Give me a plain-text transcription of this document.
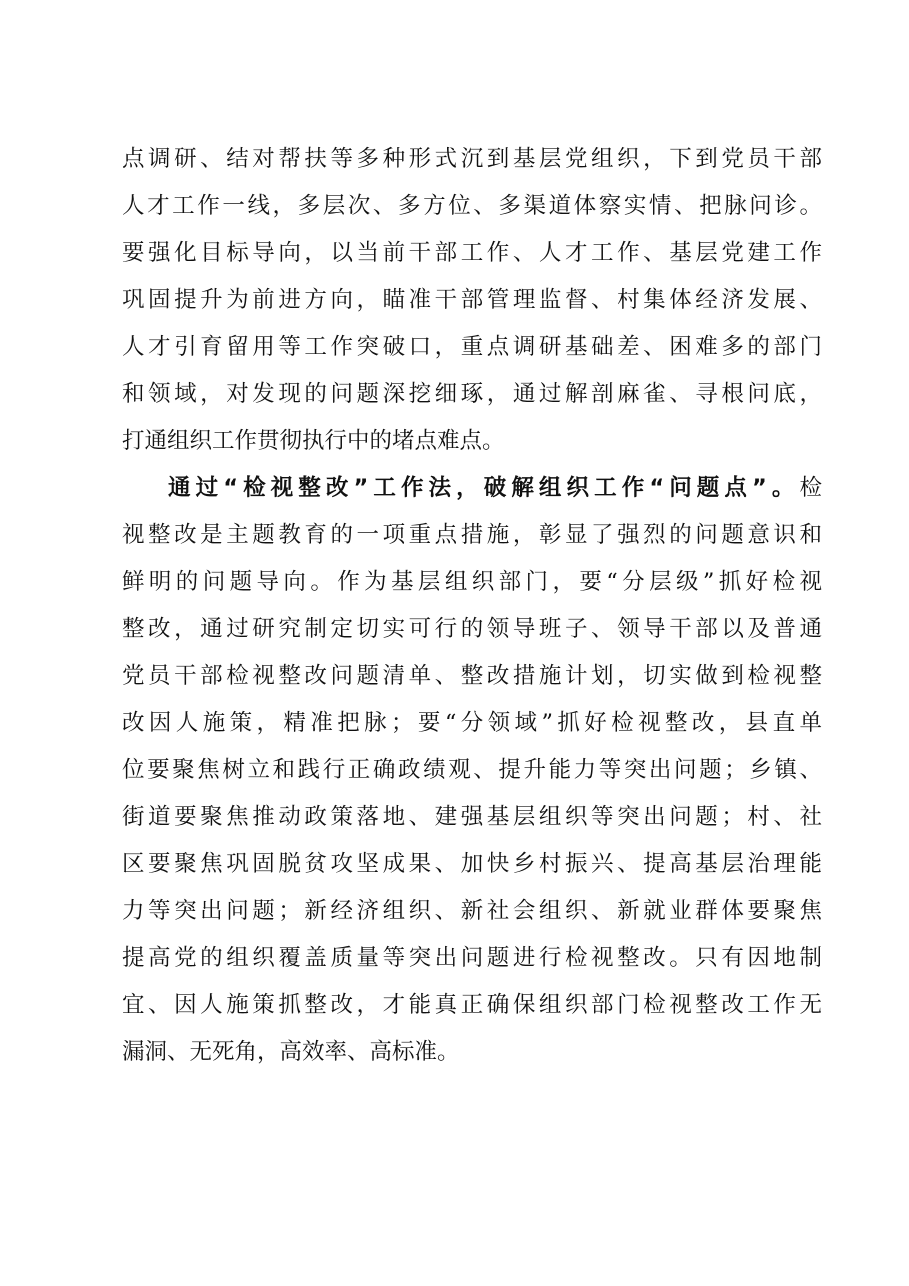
点调研、结对帮扶等多种形式沉到基层党组织，下到党员干部
人才工作一线，多层次、多方位、多渠道体察实情、把脉问诊。
要强化目标导向，以当前干部工作、人才工作、基层党建工作
巩固提升为前进方向，瞄准干部管理监督、村集体经济发展、
人才引育留用等工作突破口，重点调研基础差、困难多的部门
和领域，对发现的问题深挖细琢，通过解剖麻雀、寻根问底，
打通组织工作贯彻执行中的堵点难点。
通过“检视整改”工作法，破解组织工作“问题点”。检
视整改是主题教育的一项重点措施，彰显了强烈的问题意识和
鲜明的问题导向。作为基层组织部门，要“分层级”抓好检视
整改，通过研究制定切实可行的领导班子、领导干部以及普通
党员干部检视整改问题清单、整改措施计划，切实做到检视整
改因人施策，精准把脉；要“分领域”抓好检视整改，县直单
位要聚焦树立和践行正确政绩观、提升能力等突出问题；乡镇、
街道要聚焦推动政策落地、建强基层组织等突出问题；村、社
区要聚焦巩固脱贫攻坚成果、加快乡村振兴、提高基层治理能
力等突出问题；新经济组织、新社会组织、新就业群体要聚焦
提高党的组织覆盖质量等突出问题进行检视整改。只有因地制
宜、因人施策抓整改，才能真正确保组织部门检视整改工作无
漏洞、无死角，高效率、高标准。
